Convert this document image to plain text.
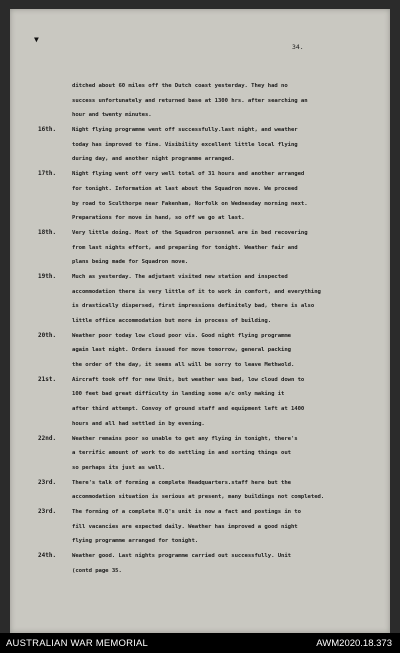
▼
34.
ditched about 60 miles off the Dutch coast yesterday. They had no
success unfortunately and returned base at 1300 hrs. after searching an
hour and twenty minutes.
16th.	Night flying programme went off successfully.last night, and weather
today has improved to fine. Visibility excellent little local flying
during day, and another night programme arranged.
17th.	Night flying went off very well total of 31 hours and another arranged
for tonight. Information at last about the Squadron move. We proceed
by road to Sculthorpe near Fakenham, Norfolk on Wednesday morning next.
Preparations for move in hand, so off we go at last.
18th.	Very little doing. Most of the Squadron personnel are in bed recovering
from last nights effort, and preparing for tonight. Weather fair and
plans being made for Squadron move.
19th.	Much as yesterday. The adjutant visited new station and inspected
accommodation there is very little of it to work in comfort, and everything
is drastically dispersed, first impressions definitely bad, there is also
little office accommodation but more in process of building.
20th.	Weather poor today low cloud poor vis. Good night flying programme
again last night. Orders issued for move tomorrow, general packing
the order of the day, it seems all will be sorry to leave Methwold.
21st.	Aircraft took off for new Unit, but weather was bad, low cloud down to
100 feet bad great difficulty in landing some a/c only making it
after third attempt. Convoy of ground staff and equipment left at 1400
hours and all had settled in by evening.
22nd.	Weather remains poor so unable to get any flying in tonight, there's
a terrific amount of work to do settling in and sorting things out
so perhaps its just as well.
23rd.	There's talk of forming a complete Headquarters.staff here but the
accommodation situation is serious at present, many buildings not completed.
23rd.	The forming of a complete H.Q's unit is now a fact and postings in to
fill vacancies are expected daily. Weather has improved a good night
flying programme arranged for tonight.
24th.	Weather good. Last nights programme carried out successfully. Unit
(contd page 35.
AUSTRALIAN WAR MEMORIAL	AWM2020.18.373
